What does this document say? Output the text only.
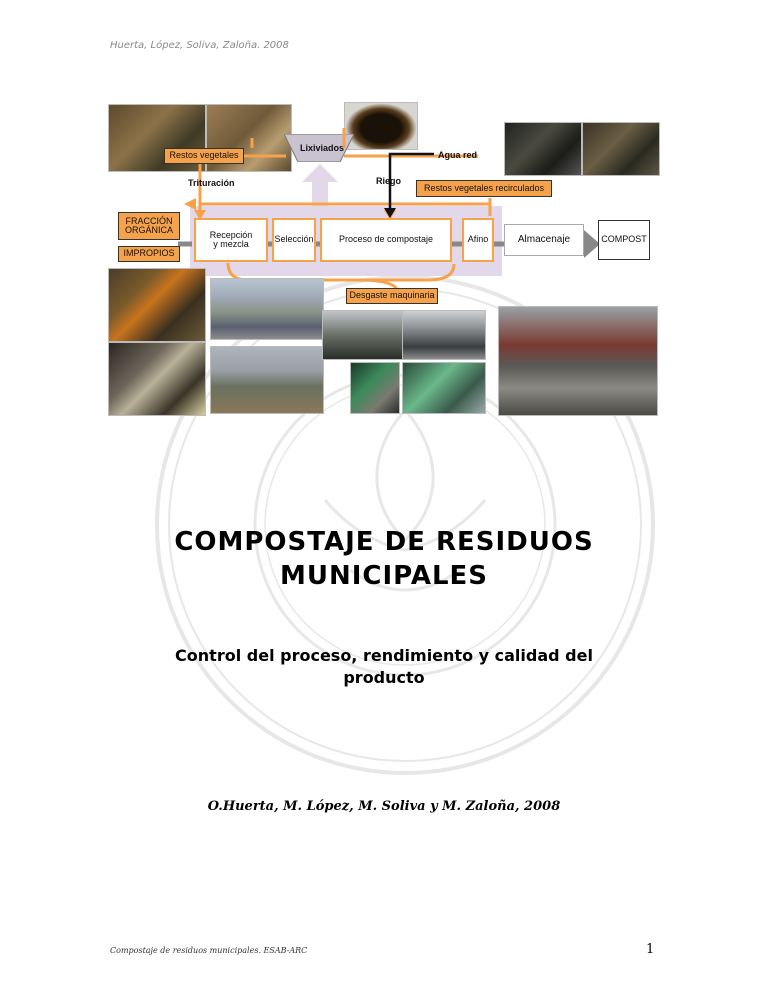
Huerta, López, Soliva, Zaloña. 2008
Lixiviados
Agua red
Restos vegetales
Trituración	Riego
Restos vegetales recirculados
FRACCIÓN ORGÁNICA
IMPROPIOS
Recepción
y mezcla	Selección	Proceso de compostaje	Afino	Almacenaje	COMPOST
Desgaste maquinaria
COMPOSTAJE DE RESIDUOS
MUNICIPALES
Control del proceso, rendimiento y calidad del
producto
O.Huerta, M. López, M. Soliva y M. Zaloña, 2008
Compostaje de residuos municipales. ESAB-ARC	1
